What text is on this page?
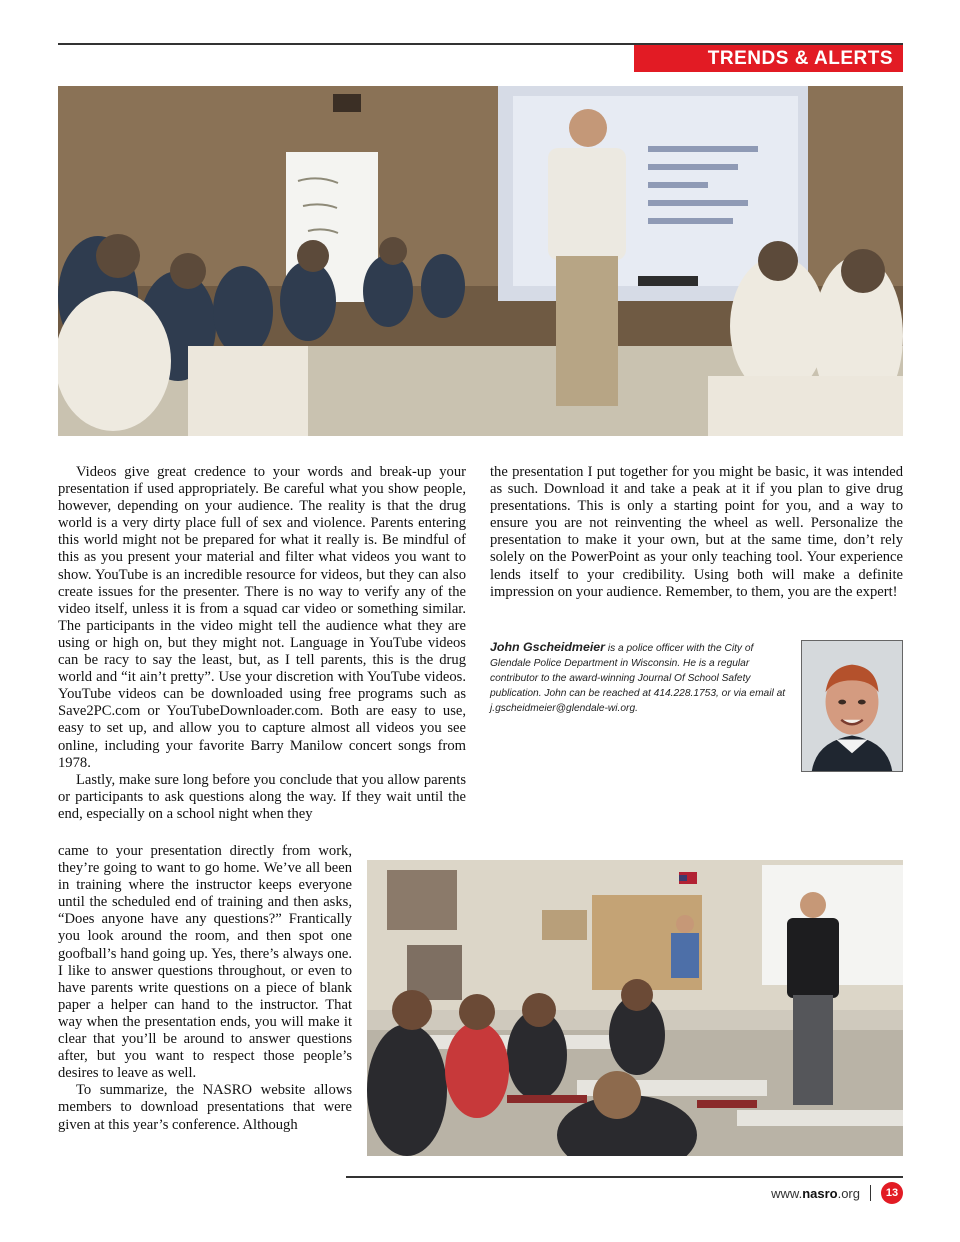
TRENDS & ALERTS

Videos give great credence to your words and break-up your presentation if used appropriately. Be careful what you show people, however, depending on your audience. The reality is that the drug world is a very dirty place full of sex and violence. Parents entering this world might not be prepared for what it really is. Be mindful of this as you present your material and filter what videos you want to show. YouTube is an incredible resource for videos, but they can also create issues for the presenter. There is no way to verify any of the video itself, unless it is from a squad car video or something similar. The participants in the video might tell the audience what they are using or high on, but they might not. Language in YouTube videos can be racy to say the least, but, as I tell parents, this is the drug world and “it ain’t pretty”. Use your discretion with YouTube videos. YouTube videos can be downloaded using free programs such as Save2PC.com or YouTubeDownloader.com. Both are easy to use, easy to set up, and allow you to capture almost all videos you see online, including your favorite Barry Manilow concert songs from 1978.

Lastly, make sure long before you conclude that you allow parents or participants to ask questions along the way. If they wait until the end, especially on a school night when they

came to your presentation directly from work, they’re going to want to go home. We’ve all been in training where the instructor keeps everyone until the scheduled end of training and then asks, “Does anyone have any questions?” Frantically you look around the room, and then spot one goofball’s hand going up. Yes, there’s always one. I like to answer questions throughout, or even to have parents write questions on a piece of blank paper a helper can hand to the instructor. That way when the presentation ends, you will make it clear that you’ll be around to answer questions after, but you want to respect those people’s desires to leave as well.

To summarize, the NASRO website allows members to download presentations that were given at this year’s conference. Although

the presentation I put together for you might be basic, it was intended as such. Download it and take a peak at it if you plan to give drug presentations. This is only a starting point for you, and a way to ensure you are not reinventing the wheel as well. Personalize the presentation to make it your own, but at the same time, don’t rely solely on the PowerPoint as your only teaching tool. Your experience lends itself to your credibility. Using both will make a definite impression on your audience. Remember, to them, you are the expert!

John Gscheidmeier is a police officer with the City of Glendale Police Department in Wisconsin. He is a regular contributor to the award-winning Journal Of School Safety publication. John can be reached at 414.228.1753, or via email at j.gscheidmeier@glendale-wi.org.
www.nasro.org	13
